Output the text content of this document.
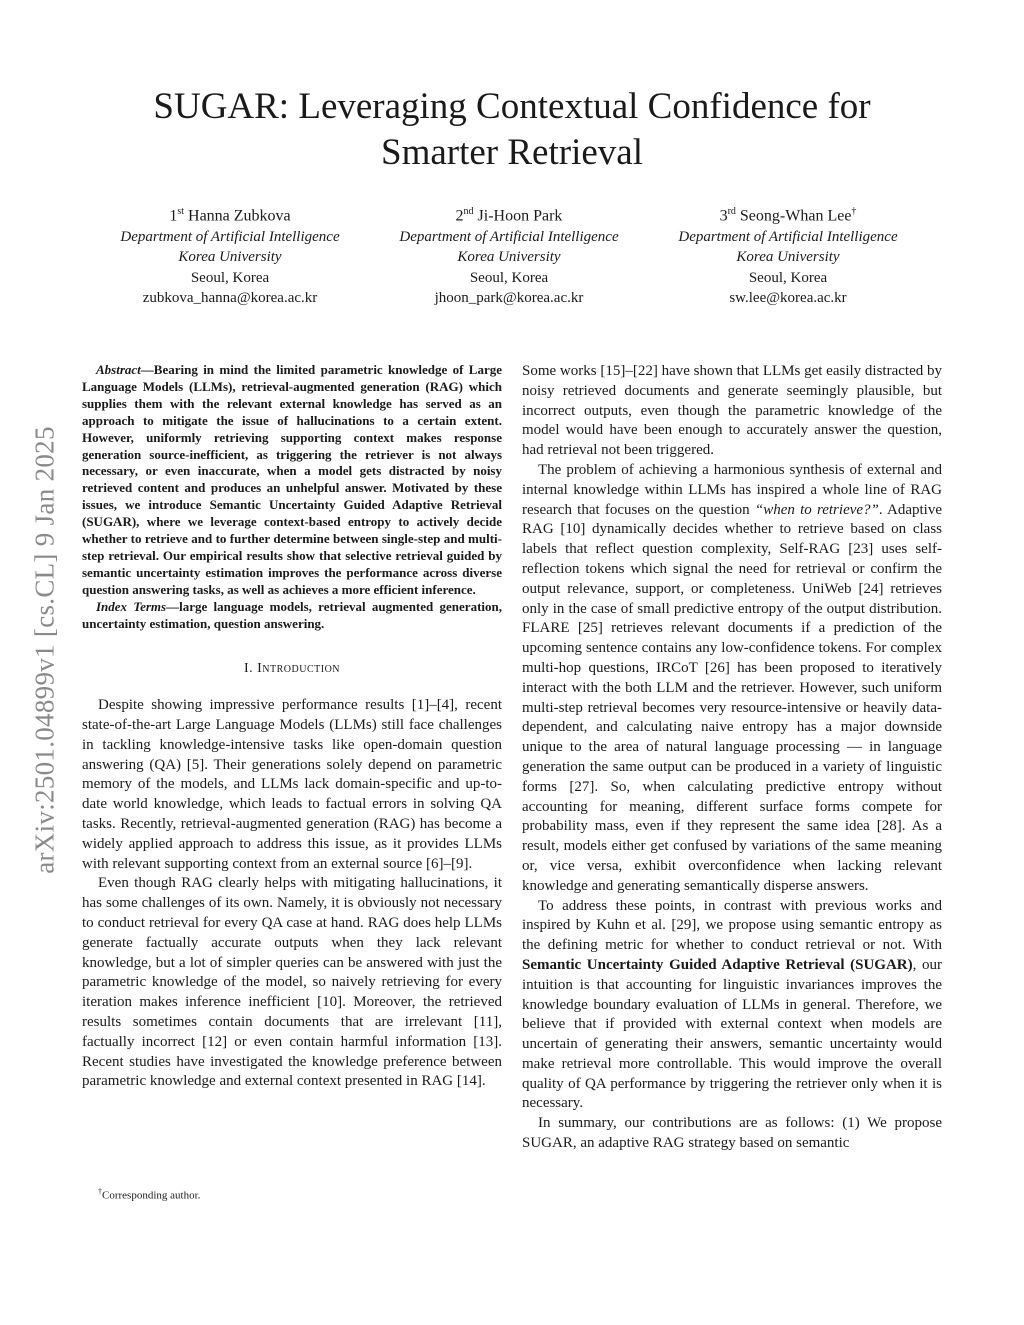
arXiv:2501.04899v1 [cs.CL] 9 Jan 2025
SUGAR: Leveraging Contextual Confidence for
Smarter Retrieval
1st Hanna Zubkova
Department of Artificial Intelligence
Korea University
Seoul, Korea
zubkova_hanna@korea.ac.kr
2nd Ji-Hoon Park
Department of Artificial Intelligence
Korea University
Seoul, Korea
jhoon_park@korea.ac.kr
3rd Seong-Whan Lee†
Department of Artificial Intelligence
Korea University
Seoul, Korea
sw.lee@korea.ac.kr

Abstract—Bearing in mind the limited parametric knowledge of Large Language Models (LLMs), retrieval-augmented generation (RAG) which supplies them with the relevant external knowledge has served as an approach to mitigate the issue of hallucinations to a certain extent. However, uniformly retrieving supporting context makes response generation source-inefficient, as triggering the retriever is not always necessary, or even inaccurate, when a model gets distracted by noisy retrieved content and produces an unhelpful answer. Motivated by these issues, we introduce Semantic Uncertainty Guided Adaptive Retrieval (SUGAR), where we leverage context-based entropy to actively decide whether to retrieve and to further determine between single-step and multi-step retrieval. Our empirical results show that selective retrieval guided by semantic uncertainty estimation improves the performance across diverse question answering tasks, as well as achieves a more efficient inference.

Index Terms—large language models, retrieval augmented generation, uncertainty estimation, question answering.

I. Introduction

Despite showing impressive performance results [1]–[4], recent state-of-the-art Large Language Models (LLMs) still face challenges in tackling knowledge-intensive tasks like open-domain question answering (QA) [5]. Their generations solely depend on parametric memory of the models, and LLMs lack domain-specific and up-to-date world knowledge, which leads to factual errors in solving QA tasks. Recently, retrieval-augmented generation (RAG) has become a widely applied approach to address this issue, as it provides LLMs with relevant supporting context from an external source [6]–[9].

Even though RAG clearly helps with mitigating hallucinations, it has some challenges of its own. Namely, it is obviously not necessary to conduct retrieval for every QA case at hand. RAG does help LLMs generate factually accurate outputs when they lack relevant knowledge, but a lot of simpler queries can be answered with just the parametric knowledge of the model, so naively retrieving for every iteration makes inference inefficient [10]. Moreover, the retrieved results sometimes contain documents that are irrelevant [11], factually incorrect [12] or even contain harmful information [13]. Recent studies have investigated the knowledge preference between parametric knowledge and external context presented in RAG [14].

Some works [15]–[22] have shown that LLMs get easily distracted by noisy retrieved documents and generate seemingly plausible, but incorrect outputs, even though the parametric knowledge of the model would have been enough to accurately answer the question, had retrieval not been triggered.

The problem of achieving a harmonious synthesis of external and internal knowledge within LLMs has inspired a whole line of RAG research that focuses on the question “when to retrieve?”. Adaptive RAG [10] dynamically decides whether to retrieve based on class labels that reflect question complexity, Self-RAG [23] uses self-reflection tokens which signal the need for retrieval or confirm the output relevance, support, or completeness. UniWeb [24] retrieves only in the case of small predictive entropy of the output distribution. FLARE [25] retrieves relevant documents if a prediction of the upcoming sentence contains any low-confidence tokens. For complex multi-hop questions, IRCoT [26] has been proposed to iteratively interact with the both LLM and the retriever. However, such uniform multi-step retrieval becomes very resource-intensive or heavily data-dependent, and calculating naive entropy has a major downside unique to the area of natural language processing — in language generation the same output can be produced in a variety of linguistic forms [27]. So, when calculating predictive entropy without accounting for meaning, different surface forms compete for probability mass, even if they represent the same idea [28]. As a result, models either get confused by variations of the same meaning or, vice versa, exhibit overconfidence when lacking relevant knowledge and generating semantically disperse answers.

To address these points, in contrast with previous works and inspired by Kuhn et al. [29], we propose using semantic entropy as the defining metric for whether to conduct retrieval or not. With Semantic Uncertainty Guided Adaptive Retrieval (SUGAR), our intuition is that accounting for linguistic invariances improves the knowledge boundary evaluation of LLMs in general. Therefore, we believe that if provided with external context when models are uncertain of generating their answers, semantic uncertainty would make retrieval more controllable. This would improve the overall quality of QA performance by triggering the retriever only when it is necessary.

In summary, our contributions are as follows: (1) We propose SUGAR, an adaptive RAG strategy based on semantic

†Corresponding author.
